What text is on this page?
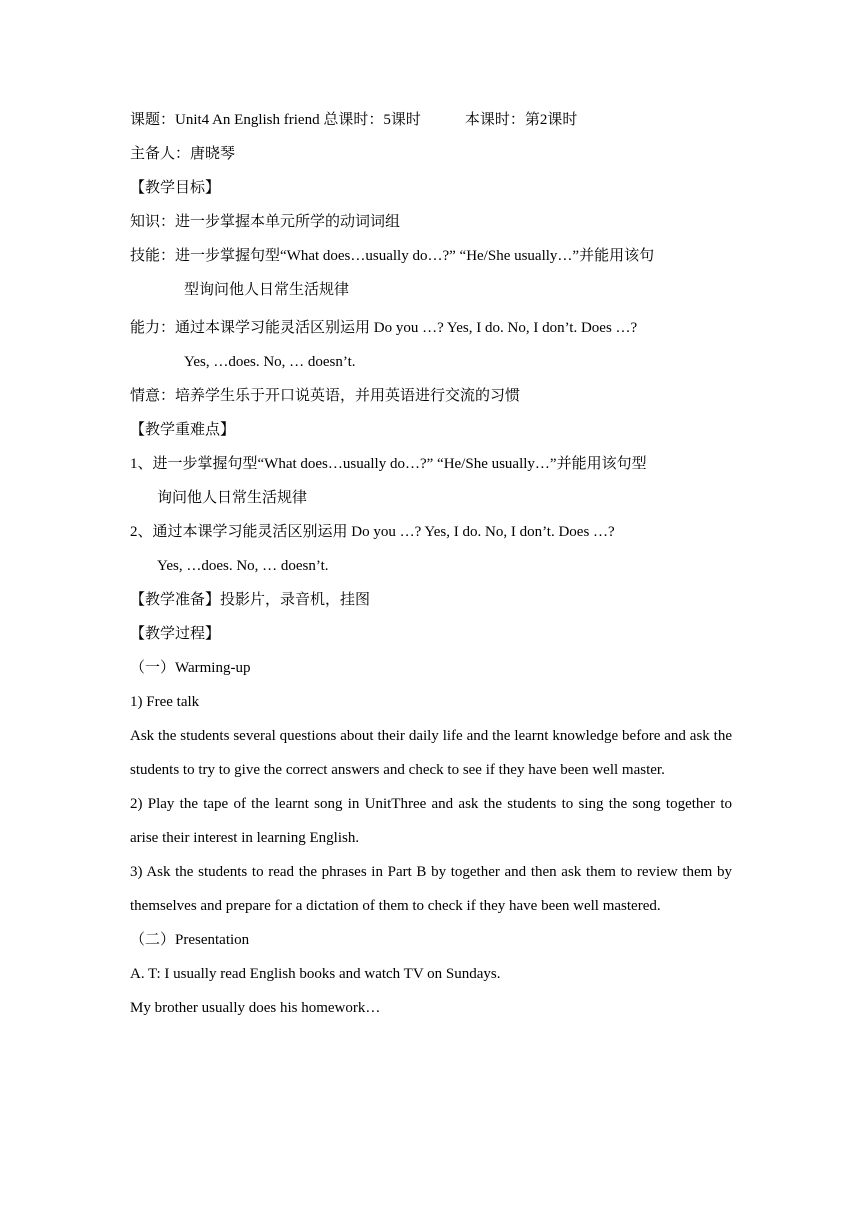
课题：Unit4 An English friend 总课时：5课时	本课时：第2课时
主备人：唐晓琴
【教学目标】
知识：进一步掌握本单元所学的动词词组
技能：进一步掌握句型“What does…usually do…?” “He/She usually…”并能用该句
型询问他人日常生活规律
能力：通过本课学习能灵活区别运用 Do you …? Yes, I do. No, I don’t. Does …?
Yes, …does. No, … doesn’t.
情意：培养学生乐于开口说英语，并用英语进行交流的习惯
【教学重难点】
1、进一步掌握句型“What does…usually do…?” “He/She usually…”并能用该句型
询问他人日常生活规律
2、通过本课学习能灵活区别运用 Do you …? Yes, I do. No, I don’t. Does …?
Yes, …does. No, … doesn’t.
【教学准备】投影片，录音机，挂图
【教学过程】
（一）Warming-up
1) Free talk

Ask the students several questions about their daily life and the learnt knowledge before and ask the students to try to give the correct answers and check to see if they have been well master.

2) Play the tape of the learnt song in UnitThree and ask the students to sing the song together to arise their interest in learning English.

3) Ask the students to read the phrases in Part B by together and then ask them to review them by themselves and prepare for a dictation of them to check if they have been well mastered.

（二）Presentation
A. T: I usually read English books and watch TV on Sundays.
My brother usually does his homework…
